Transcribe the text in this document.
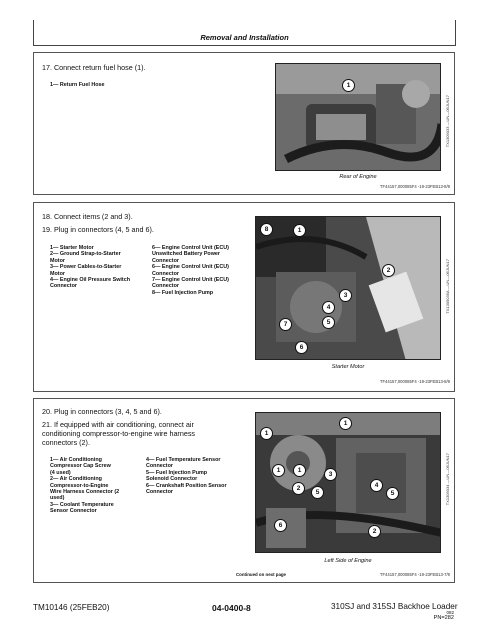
Removal and Installation
17. Connect return fuel hose (1).
1— Return Fuel Hose	1
TX1309033 —UN—06JUN17
Rear of Engine
TF44157,000085F4 -19-23FEB13-8/9
18. Connect items (2 and 3).
19. Plug in connectors (4, 5 and 6).
1— Starter Motor
2— Ground Strap-to-Starter
Motor
3— Power Cables-to-Starter
Motor
4— Engine Oil Pressure Switch
Connector
6— Engine Control Unit (ECU)
Unswitched Battery Power
Connector
6— Engine Control Unit (ECU)
Connector
7— Engine Control Unit (ECU)
Connector
8— Fuel Injection Pump
8	1
2
3
4
5
7
6
TX1309035A —UN—06JUN17
Starter Motor
TF44157,000085F4 -19-23FEB13-8/9
20. Plug in connectors (3, 4, 5 and 6).
21. If equipped with air conditioning, connect air
conditioning compressor-to-engine wire harness
connectors (2).
1— Air Conditioning
Compressor Cap Screw
(4 used)
2— Air Conditioning
Compressor-to-Engine
Wire Harness Connector (2
used)
3— Coolant Temperature
Sensor Connector
4— Fuel Temperature Sensor
Connector
5— Fuel Injection Pump
Solenoid Connector
6— Crankshaft Position Sensor
Connector
1
1
1	1
3
2
5
4
5
6
2
TX1309034 —UN—06JUN17
Left Side of Engine
Continued on next page	TF44157,000085F4 -19-23FEB13-7/9
TM10146 (25FEB20)	04-0400-8	310SJ and 315SJ Backhoe Loader
082
PN=282
